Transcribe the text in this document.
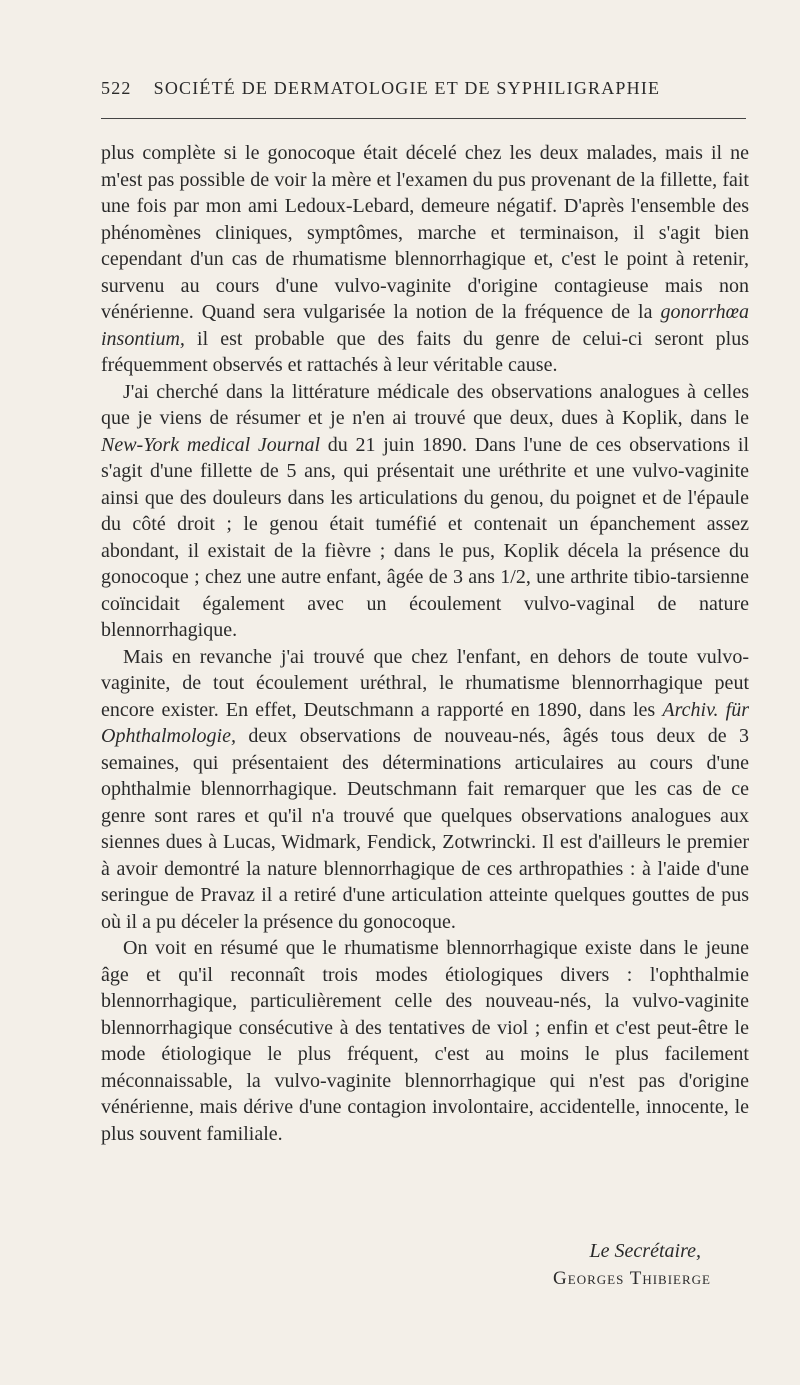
522 SOCIÉTÉ DE DERMATOLOGIE ET DE SYPHILIGRAPHIE

plus complète si le gonocoque était décelé chez les deux malades, mais il ne m'est pas possible de voir la mère et l'examen du pus provenant de la fillette, fait une fois par mon ami Ledoux-Lebard, demeure négatif. D'après l'ensemble des phénomènes cliniques, symptômes, marche et terminaison, il s'agit bien cependant d'un cas de rhumatisme blennorrhagique et, c'est le point à retenir, survenu au cours d'une vulvo-vaginite d'origine contagieuse mais non vénérienne. Quand sera vulgarisée la notion de la fréquence de la gonorrhœa insontium, il est probable que des faits du genre de celui-ci seront plus fréquemment observés et rattachés à leur véritable cause.

J'ai cherché dans la littérature médicale des observations analogues à celles que je viens de résumer et je n'en ai trouvé que deux, dues à Koplik, dans le New-York medical Journal du 21 juin 1890. Dans l'une de ces observations il s'agit d'une fillette de 5 ans, qui présentait une uréthrite et une vulvo-vaginite ainsi que des douleurs dans les articulations du genou, du poignet et de l'épaule du côté droit ; le genou était tuméfié et contenait un épanchement assez abondant, il existait de la fièvre ; dans le pus, Koplik décela la présence du gonocoque ; chez une autre enfant, âgée de 3 ans 1/2, une arthrite tibio-tarsienne coïncidait également avec un écoulement vulvo-vaginal de nature blennorrhagique.

Mais en revanche j'ai trouvé que chez l'enfant, en dehors de toute vulvo-vaginite, de tout écoulement uréthral, le rhumatisme blennorrhagique peut encore exister. En effet, Deutschmann a rapporté en 1890, dans les Archiv. für Ophthalmologie, deux observations de nouveau-nés, âgés tous deux de 3 semaines, qui présentaient des déterminations articulaires au cours d'une ophthalmie blennorrhagique. Deutschmann fait remarquer que les cas de ce genre sont rares et qu'il n'a trouvé que quelques observations analogues aux siennes dues à Lucas, Widmark, Fendick, Zotwrincki. Il est d'ailleurs le premier à avoir demontré la nature blennorrhagique de ces arthropathies : à l'aide d'une seringue de Pravaz il a retiré d'une articulation atteinte quelques gouttes de pus où il a pu déceler la présence du gonocoque.

On voit en résumé que le rhumatisme blennorrhagique existe dans le jeune âge et qu'il reconnaît trois modes étiologiques divers : l'ophthalmie blennorrhagique, particulièrement celle des nouveau-nés, la vulvo-vaginite blennorrhagique consécutive à des tentatives de viol ; enfin et c'est peut-être le mode étiologique le plus fréquent, c'est au moins le plus facilement méconnaissable, la vulvo-vaginite blennorrhagique qui n'est pas d'origine vénérienne, mais dérive d'une contagion involontaire, accidentelle, innocente, le plus souvent familiale.

Le Secrétaire,
Georges Thibierge
